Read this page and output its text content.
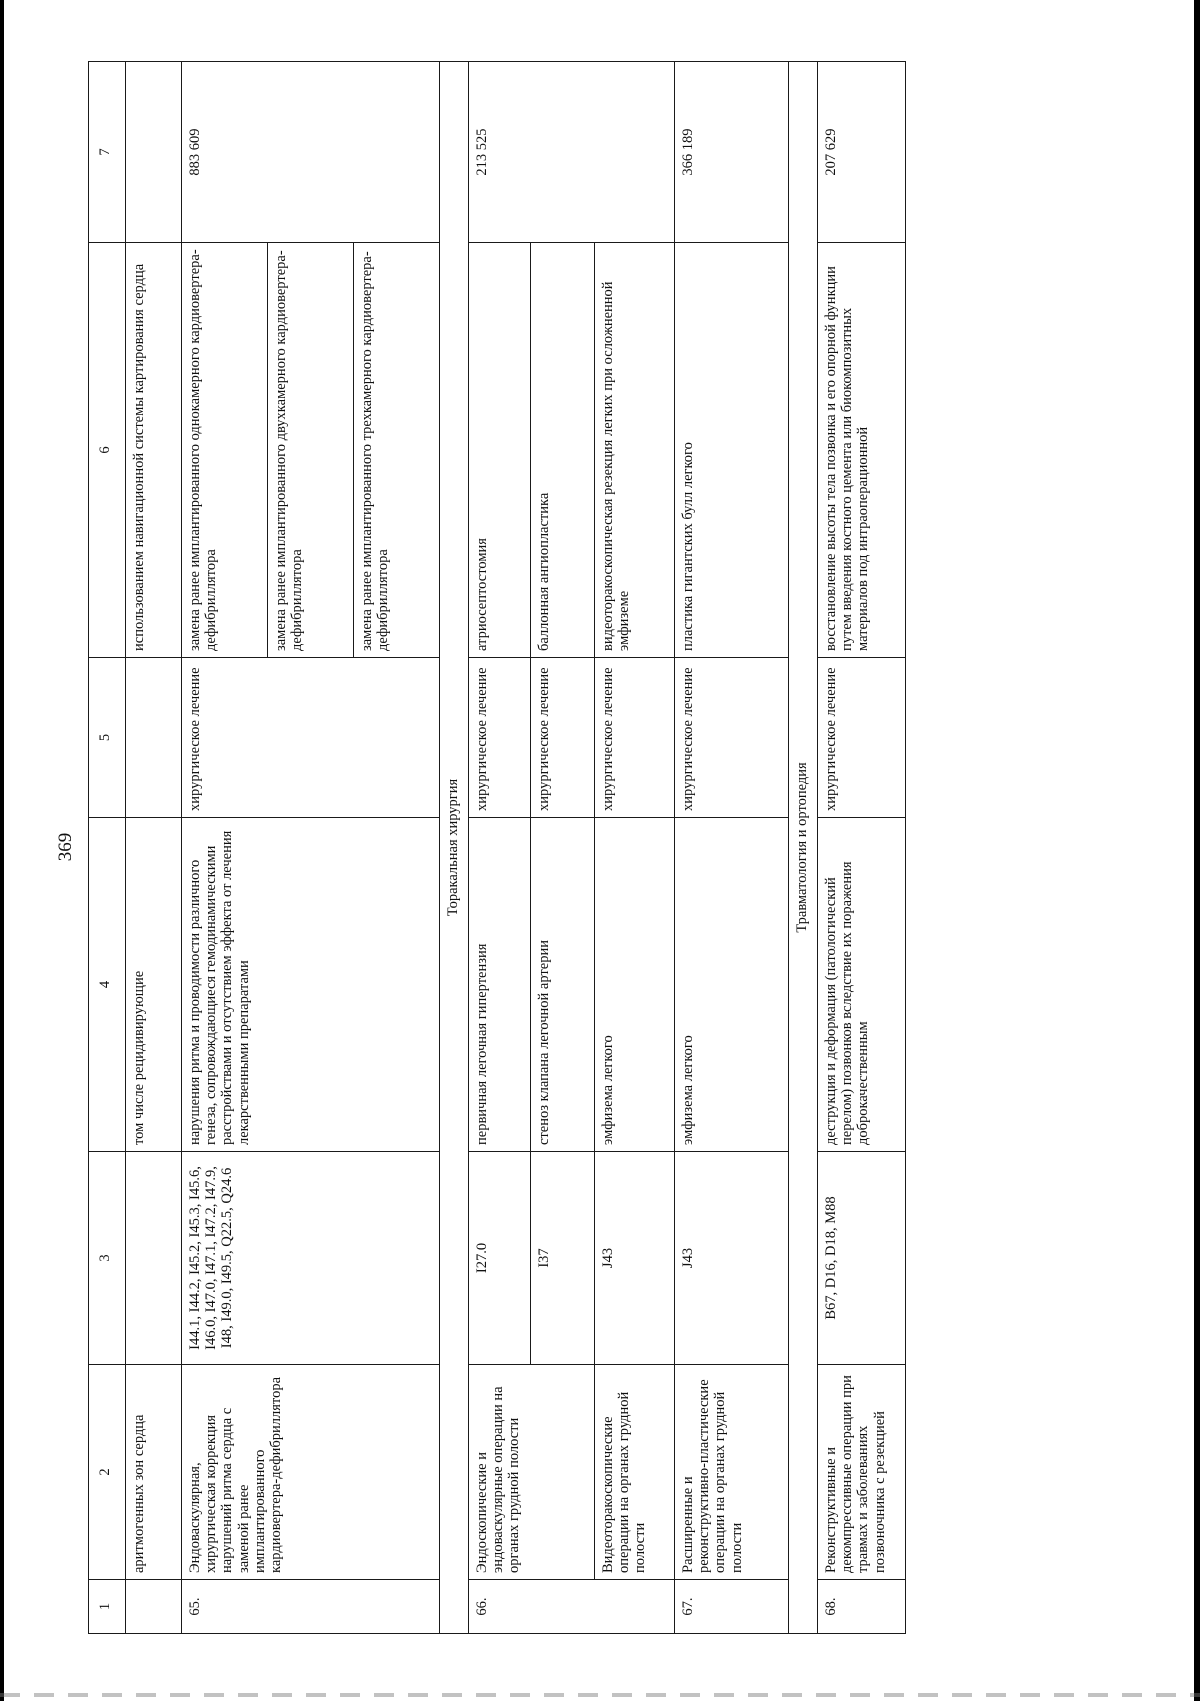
369
1	2	3	4	5	6	7
	аритмогенных зон сердца		том числе рецидивирующие		использованием навигационной системы картирования сердца	
65.	Эндоваскулярная, хирургическая коррекция нарушений ритма сердца с заменой ранее имплантированного кардиовертера-дефибриллятора	I44.1, I44.2, I45.2, I45.3, I45.6, I46.0, I47.0, I47.1, I47.2, I47.9, I48, I49.0, I49.5, Q22.5, Q24.6	нарушения ритма и проводимости различного генеза, сопровождающиеся гемодинамическими расстройствами и отсутствием эффекта от лечения лекарственными препаратами	хирургическое лечение	замена ранее имплантированного однокамерного кардиовертера-дефибриллятора	883 609
					замена ранее имплантированного двухкамерного кардиовертера-дефибриллятора	
					замена ранее имплантированного трехкамерного кардиовертера-дефибриллятора	
Торакальная хирургия						
66.	Эндоскопические и эндоваскулярные операции на органах грудной полости	I27.0	первичная легочная гипертензия	хирургическое лечение	атриосептостомия	213 525
		I37	стеноз клапана легочной артерии	хирургическое лечение	баллонная ангиопластика	
	Видеоторакоскопические операции на органах грудной полости	J43	эмфизема легкого	хирургическое лечение	видеоторакоскопическая резекция легких при осложненной эмфиземе	
67.	Расширенные и реконструктивно-пластические операции на органах грудной полости	J43	эмфизема легкого	хирургическое лечение	пластика гигантских булл легкого	366 189
Травматология и ортопедия						
68.	Реконструктивные и декомпрессивные операции при травмах и заболеваниях позвоночника с резекцией	B67, D16, D18, M88	деструкция и деформация (патологический перелом) позвонков вследствие их поражения доброкачественным	хирургическое лечение	восстановление высоты тела позвонка и его опорной функции путем введения костного цемента или биокомпозитных материалов под интраоперационной	207 629
